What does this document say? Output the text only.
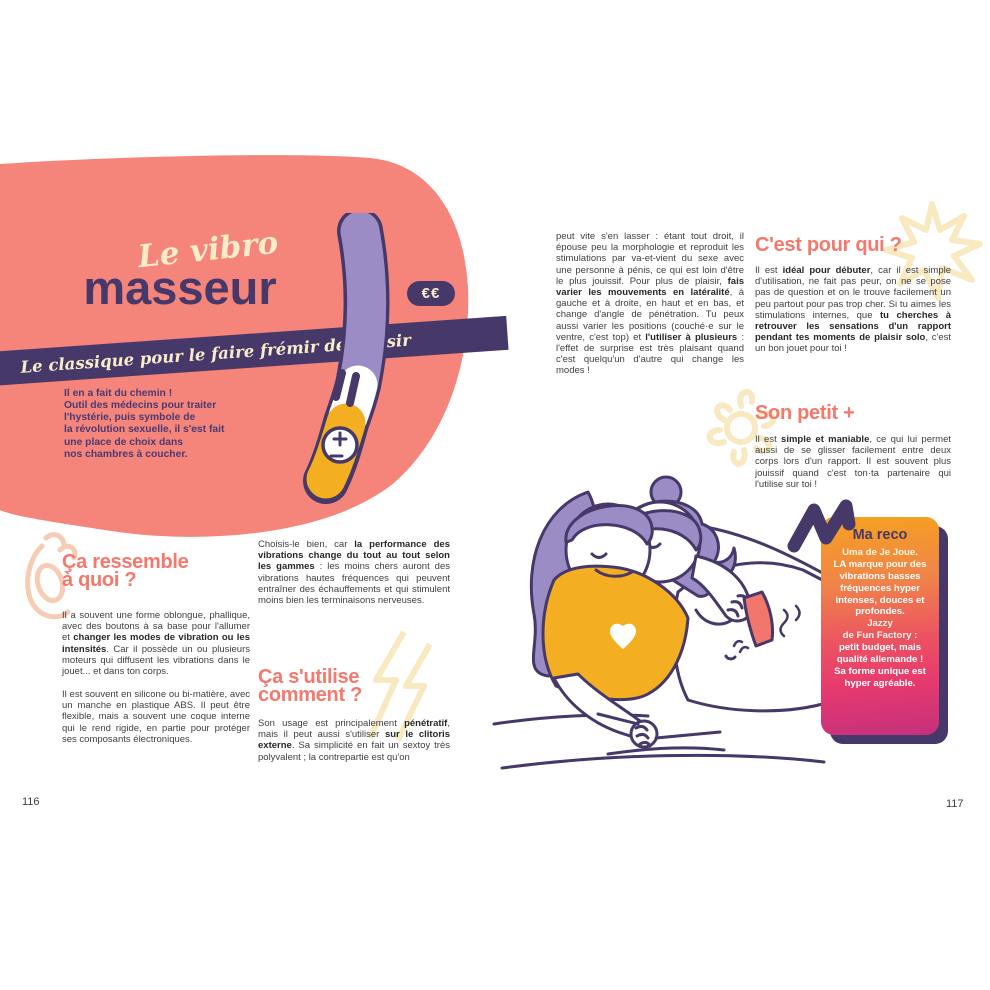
Le classique pour le faire frémir de plaisir
Le vibro
masseur	€€
Il en a fait du chemin !
Outil des médecins pour traiter
l'hystérie, puis symbole de
la révolution sexuelle, il s'est fait
une place de choix dans
nos chambres à coucher.
Ça ressemble
à quoi ?
Il a souvent une forme oblongue, phallique, avec des boutons à sa base pour l'allumer et changer les modes de vibration ou les intensités. Car il possède un ou plusieurs moteurs qui diffusent les vibrations dans le jouet... et dans ton corps.
Il est souvent en silicone ou bi-matière, avec un manche en plastique ABS. Il peut être flexible, mais a souvent une coque interne qui le rend rigide, en partie pour protéger ses composants électroniques.
Choisis-le bien, car la performance des vibrations change du tout au tout selon les gammes : les moins chers auront des vibrations hautes fréquences qui peuvent entraîner des échauffements et qui stimulent moins bien les terminaisons nerveuses.
Ça s'utilise
comment ?
Son usage est principalement pénétratif, mais il peut aussi s'utiliser sur le clitoris externe. Sa simplicité en fait un sextoy très polyvalent ; la contrepartie est qu'on
116
peut vite s'en lasser : étant tout droit, il épouse peu la morphologie et reproduit les stimulations par va-et-vient du sexe avec une personne à pénis, ce qui est loin d'être le plus jouissif. Pour plus de plaisir, fais varier les mouvements en latéralité, à gauche et à droite, en haut et en bas, et change d'angle de pénétration. Tu peux aussi varier les positions (couché·e sur le ventre, c'est top) et l'utiliser à plusieurs : l'effet de surprise est très plaisant quand c'est quelqu'un d'autre qui change les modes !
C'est pour qui ?
Il est idéal pour débuter, car il est simple d'utilisation, ne fait pas peur, on ne se pose pas de question et on le trouve facilement un peu partout pour pas trop cher. Si tu aimes les stimulations internes, que tu cherches à retrouver les sensations d'un rapport pendant tes moments de plaisir solo, c'est un bon jouet pour toi !
Son petit +
Il est simple et maniable, ce qui lui permet aussi de se glisser facilement entre deux corps lors d'un rapport. Il est souvent plus jouissif quand c'est ton·ta partenaire qui l'utilise sur toi !
Ma reco
Uma de Je Joue.
LA marque pour des
vibrations basses
fréquences hyper
intenses, douces et
profondes.
Jazzy
de Fun Factory :
petit budget, mais
qualité allemande !
Sa forme unique est
hyper agréable.
117
